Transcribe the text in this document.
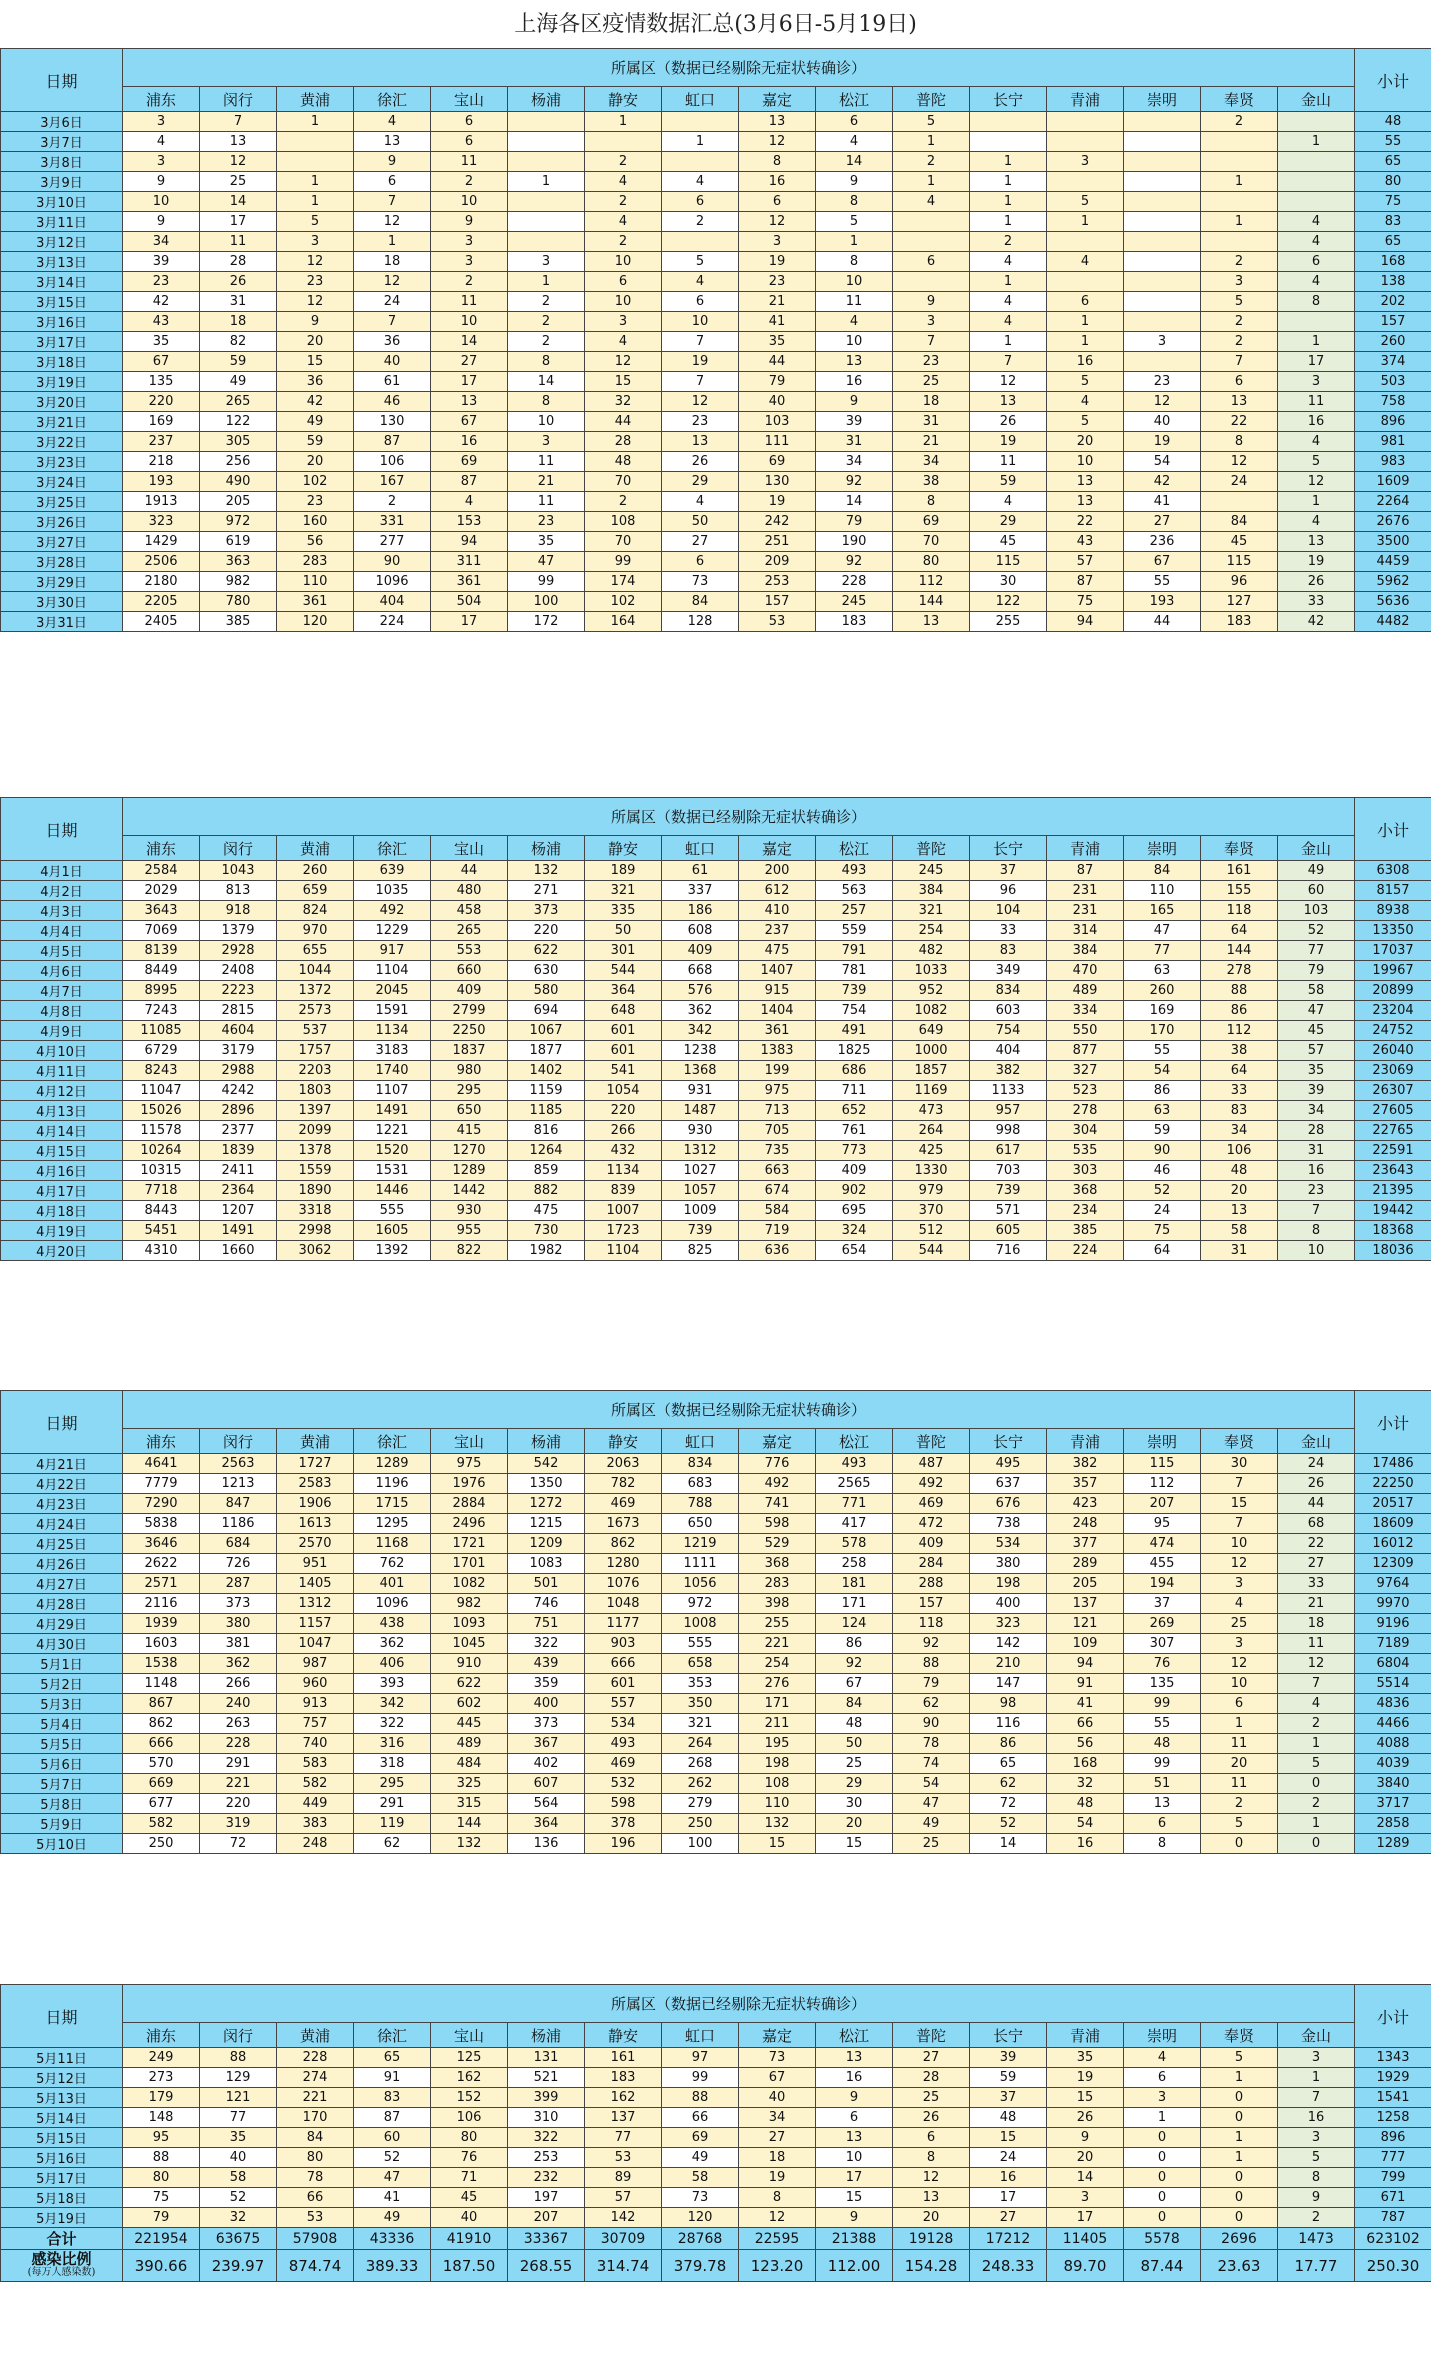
上海各区疫情数据汇总(3月6日-5月19日)
日期	所属区（数据已经剔除无症状转确诊）																小计
	浦东	闵行	黄浦	徐汇	宝山	杨浦	静安	虹口	嘉定	松江	普陀	长宁	青浦	崇明	奉贤	金山	
3月6日	3	7	1	4	6		1		13	6	5				2		48
3月7日	4	13		13	6			1	12	4	1					1	55
3月8日	3	12		9	11		2		8	14	2	1	3				65
3月9日	9	25	1	6	2	1	4	4	16	9	1	1			1		80
3月10日	10	14	1	7	10		2	6	6	8	4	1	5				75
3月11日	9	17	5	12	9		4	2	12	5		1	1		1	4	83
3月12日	34	11	3	1	3		2		3	1		2				4	65
3月13日	39	28	12	18	3	3	10	5	19	8	6	4	4		2	6	168
3月14日	23	26	23	12	2	1	6	4	23	10		1			3	4	138
3月15日	42	31	12	24	11	2	10	6	21	11	9	4	6		5	8	202
3月16日	43	18	9	7	10	2	3	10	41	4	3	4	1		2		157
3月17日	35	82	20	36	14	2	4	7	35	10	7	1	1	3	2	1	260
3月18日	67	59	15	40	27	8	12	19	44	13	23	7	16		7	17	374
3月19日	135	49	36	61	17	14	15	7	79	16	25	12	5	23	6	3	503
3月20日	220	265	42	46	13	8	32	12	40	9	18	13	4	12	13	11	758
3月21日	169	122	49	130	67	10	44	23	103	39	31	26	5	40	22	16	896
3月22日	237	305	59	87	16	3	28	13	111	31	21	19	20	19	8	4	981
3月23日	218	256	20	106	69	11	48	26	69	34	34	11	10	54	12	5	983
3月24日	193	490	102	167	87	21	70	29	130	92	38	59	13	42	24	12	1609
3月25日	1913	205	23	2	4	11	2	4	19	14	8	4	13	41		1	2264
3月26日	323	972	160	331	153	23	108	50	242	79	69	29	22	27	84	4	2676
3月27日	1429	619	56	277	94	35	70	27	251	190	70	45	43	236	45	13	3500
3月28日	2506	363	283	90	311	47	99	6	209	92	80	115	57	67	115	19	4459
3月29日	2180	982	110	1096	361	99	174	73	253	228	112	30	87	55	96	26	5962
3月30日	2205	780	361	404	504	100	102	84	157	245	144	122	75	193	127	33	5636
3月31日	2405	385	120	224	17	172	164	128	53	183	13	255	94	44	183	42	4482
日期	所属区（数据已经剔除无症状转确诊）																小计
	浦东	闵行	黄浦	徐汇	宝山	杨浦	静安	虹口	嘉定	松江	普陀	长宁	青浦	崇明	奉贤	金山	
4月1日	2584	1043	260	639	44	132	189	61	200	493	245	37	87	84	161	49	6308
4月2日	2029	813	659	1035	480	271	321	337	612	563	384	96	231	110	155	60	8157
4月3日	3643	918	824	492	458	373	335	186	410	257	321	104	231	165	118	103	8938
4月4日	7069	1379	970	1229	265	220	50	608	237	559	254	33	314	47	64	52	13350
4月5日	8139	2928	655	917	553	622	301	409	475	791	482	83	384	77	144	77	17037
4月6日	8449	2408	1044	1104	660	630	544	668	1407	781	1033	349	470	63	278	79	19967
4月7日	8995	2223	1372	2045	409	580	364	576	915	739	952	834	489	260	88	58	20899
4月8日	7243	2815	2573	1591	2799	694	648	362	1404	754	1082	603	334	169	86	47	23204
4月9日	11085	4604	537	1134	2250	1067	601	342	361	491	649	754	550	170	112	45	24752
4月10日	6729	3179	1757	3183	1837	1877	601	1238	1383	1825	1000	404	877	55	38	57	26040
4月11日	8243	2988	2203	1740	980	1402	541	1368	199	686	1857	382	327	54	64	35	23069
4月12日	11047	4242	1803	1107	295	1159	1054	931	975	711	1169	1133	523	86	33	39	26307
4月13日	15026	2896	1397	1491	650	1185	220	1487	713	652	473	957	278	63	83	34	27605
4月14日	11578	2377	2099	1221	415	816	266	930	705	761	264	998	304	59	34	28	22765
4月15日	10264	1839	1378	1520	1270	1264	432	1312	735	773	425	617	535	90	106	31	22591
4月16日	10315	2411	1559	1531	1289	859	1134	1027	663	409	1330	703	303	46	48	16	23643
4月17日	7718	2364	1890	1446	1442	882	839	1057	674	902	979	739	368	52	20	23	21395
4月18日	8443	1207	3318	555	930	475	1007	1009	584	695	370	571	234	24	13	7	19442
4月19日	5451	1491	2998	1605	955	730	1723	739	719	324	512	605	385	75	58	8	18368
4月20日	4310	1660	3062	1392	822	1982	1104	825	636	654	544	716	224	64	31	10	18036
日期	所属区（数据已经剔除无症状转确诊）																小计
	浦东	闵行	黄浦	徐汇	宝山	杨浦	静安	虹口	嘉定	松江	普陀	长宁	青浦	崇明	奉贤	金山	
4月21日	4641	2563	1727	1289	975	542	2063	834	776	493	487	495	382	115	30	24	17486
4月22日	7779	1213	2583	1196	1976	1350	782	683	492	2565	492	637	357	112	7	26	22250
4月23日	7290	847	1906	1715	2884	1272	469	788	741	771	469	676	423	207	15	44	20517
4月24日	5838	1186	1613	1295	2496	1215	1673	650	598	417	472	738	248	95	7	68	18609
4月25日	3646	684	2570	1168	1721	1209	862	1219	529	578	409	534	377	474	10	22	16012
4月26日	2622	726	951	762	1701	1083	1280	1111	368	258	284	380	289	455	12	27	12309
4月27日	2571	287	1405	401	1082	501	1076	1056	283	181	288	198	205	194	3	33	9764
4月28日	2116	373	1312	1096	982	746	1048	972	398	171	157	400	137	37	4	21	9970
4月29日	1939	380	1157	438	1093	751	1177	1008	255	124	118	323	121	269	25	18	9196
4月30日	1603	381	1047	362	1045	322	903	555	221	86	92	142	109	307	3	11	7189
5月1日	1538	362	987	406	910	439	666	658	254	92	88	210	94	76	12	12	6804
5月2日	1148	266	960	393	622	359	601	353	276	67	79	147	91	135	10	7	5514
5月3日	867	240	913	342	602	400	557	350	171	84	62	98	41	99	6	4	4836
5月4日	862	263	757	322	445	373	534	321	211	48	90	116	66	55	1	2	4466
5月5日	666	228	740	316	489	367	493	264	195	50	78	86	56	48	11	1	4088
5月6日	570	291	583	318	484	402	469	268	198	25	74	65	168	99	20	5	4039
5月7日	669	221	582	295	325	607	532	262	108	29	54	62	32	51	11	0	3840
5月8日	677	220	449	291	315	564	598	279	110	30	47	72	48	13	2	2	3717
5月9日	582	319	383	119	144	364	378	250	132	20	49	52	54	6	5	1	2858
5月10日	250	72	248	62	132	136	196	100	15	15	25	14	16	8	0	0	1289
日期	所属区（数据已经剔除无症状转确诊）																小计
	浦东	闵行	黄浦	徐汇	宝山	杨浦	静安	虹口	嘉定	松江	普陀	长宁	青浦	崇明	奉贤	金山	
5月11日	249	88	228	65	125	131	161	97	73	13	27	39	35	4	5	3	1343
5月12日	273	129	274	91	162	521	183	99	67	16	28	59	19	6	1	1	1929
5月13日	179	121	221	83	152	399	162	88	40	9	25	37	15	3	0	7	1541
5月14日	148	77	170	87	106	310	137	66	34	6	26	48	26	1	0	16	1258
5月15日	95	35	84	60	80	322	77	69	27	13	6	15	9	0	1	3	896
5月16日	88	40	80	52	76	253	53	49	18	10	8	24	20	0	1	5	777
5月17日	80	58	78	47	71	232	89	58	19	17	12	16	14	0	0	8	799
5月18日	75	52	66	41	45	197	57	73	8	15	13	17	3	0	0	9	671
5月19日	79	32	53	49	40	207	142	120	12	9	20	27	17	0	0	2	787
合计	221954	63675	57908	43336	41910	33367	30709	28768	22595	21388	19128	17212	11405	5578	2696	1473	623102

感染比例
(每万人感染数)	390.66	239.97	874.74	389.33	187.50	268.55	314.74	379.78	123.20	112.00	154.28	248.33	89.70	87.44	23.63	17.77	250.30
